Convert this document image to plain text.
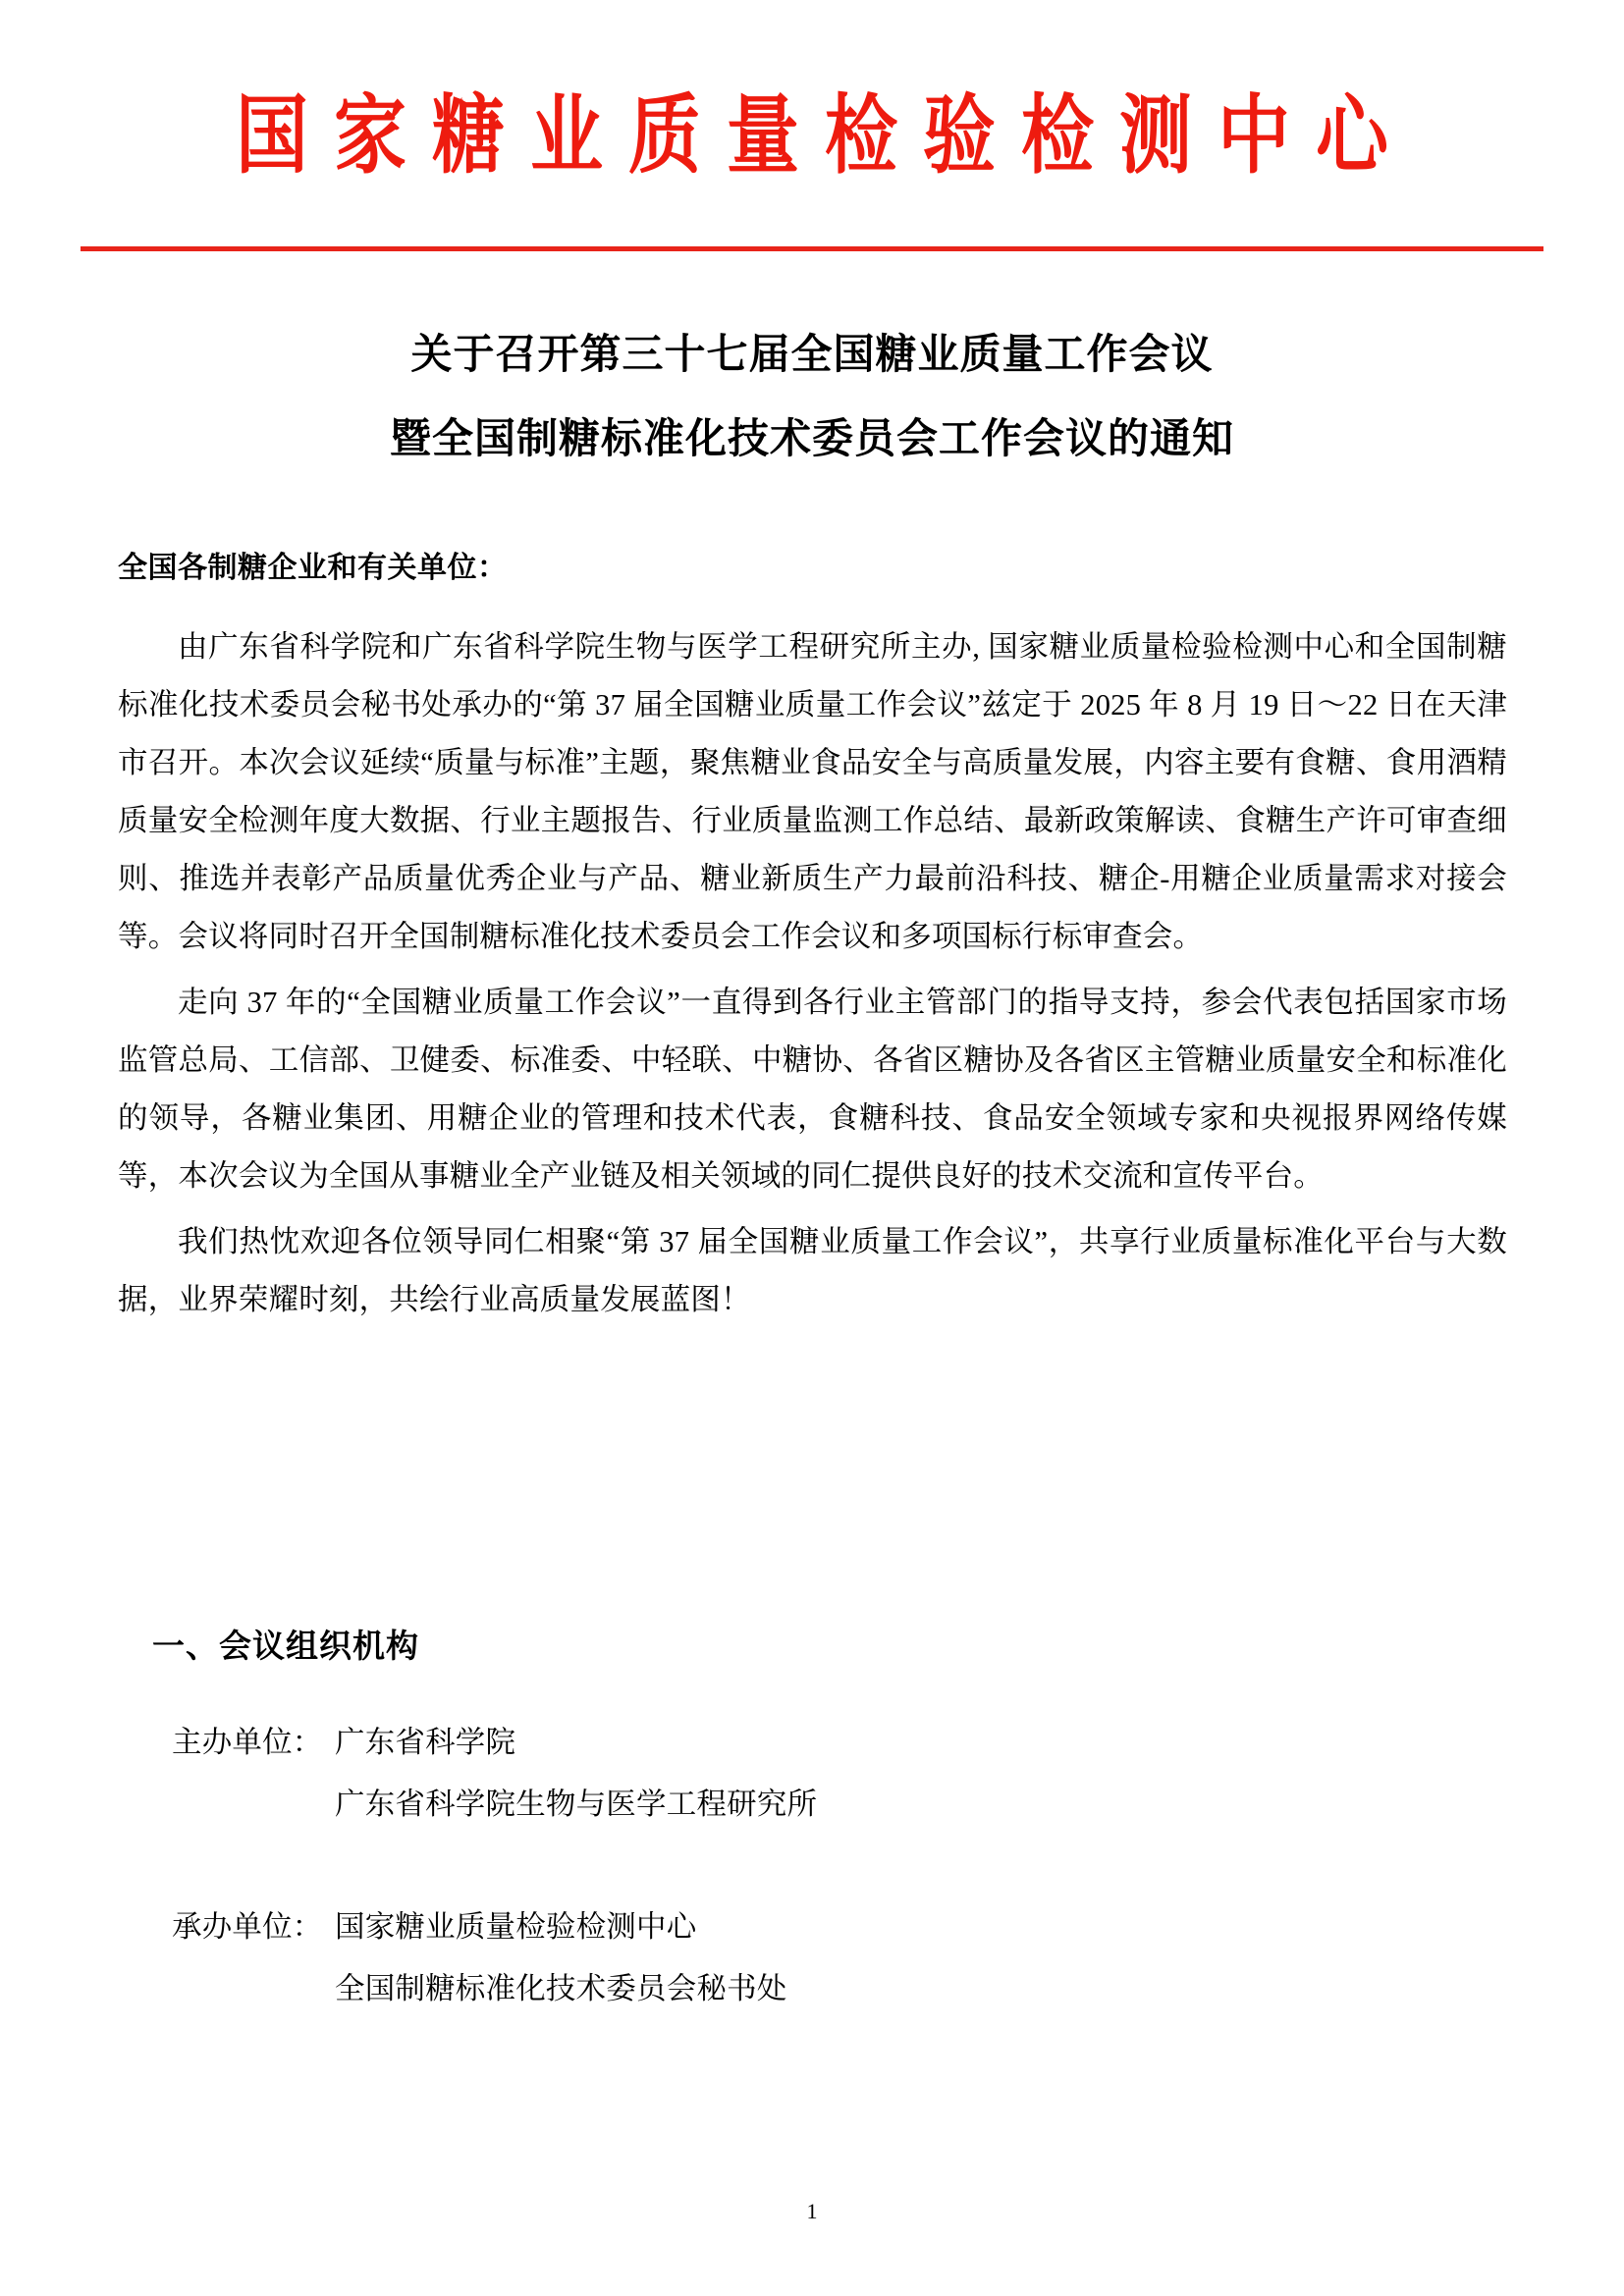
国家糖业质量检验检测中心
关于召开第三十七届全国糖业质量工作会议
暨全国制糖标准化技术委员会工作会议的通知
全国各制糖企业和有关单位：

由广东省科学院和广东省科学院生物与医学工程研究所主办, 国家糖业质量检验检测中心和全国制糖标准化技术委员会秘书处承办的“第 37 届全国糖业质量工作会议”兹定于 2025 年 8 月 19 日～22 日在天津市召开。本次会议延续“质量与标准”主题，聚焦糖业食品安全与高质量发展，内容主要有食糖、食用酒精质量安全检测年度大数据、行业主题报告、行业质量监测工作总结、最新政策解读、食糖生产许可审查细则、推选并表彰产品质量优秀企业与产品、糖业新质生产力最前沿科技、糖企-用糖企业质量需求对接会等。会议将同时召开全国制糖标准化技术委员会工作会议和多项国标行标审查会。

走向 37 年的“全国糖业质量工作会议”一直得到各行业主管部门的指导支持，参会代表包括国家市场监管总局、工信部、卫健委、标准委、中轻联、中糖协、各省区糖协及各省区主管糖业质量安全和标准化的领导，各糖业集团、用糖企业的管理和技术代表，食糖科技、食品安全领域专家和央视报界网络传媒等，本次会议为全国从事糖业全产业链及相关领域的同仁提供良好的技术交流和宣传平台。

我们热忱欢迎各位领导同仁相聚“第 37 届全国糖业质量工作会议”，共享行业质量标准化平台与大数据，业界荣耀时刻，共绘行业高质量发展蓝图！

一、会议组织机构
主办单位： 广东省科学院
广东省科学院生物与医学工程研究所
承办单位： 国家糖业质量检验检测中心
全国制糖标准化技术委员会秘书处
1
